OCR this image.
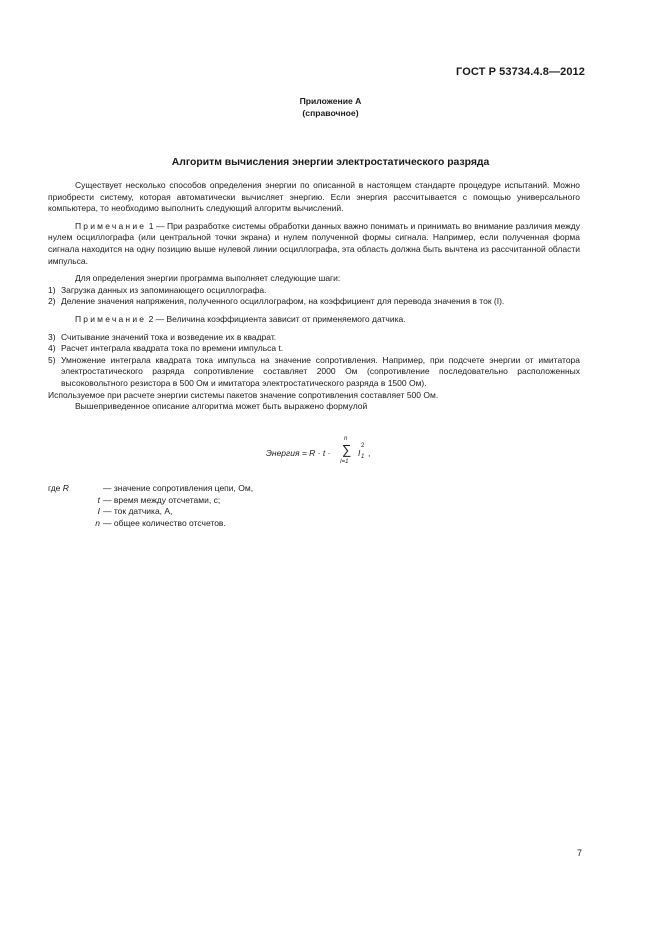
ГОСТ Р 53734.4.8—2012
Приложение А
(справочное)
Алгоритм вычисления энергии электростатического разряда

Существует несколько способов определения энергии по описанной в настоящем стандарте процедуре испытаний. Можно приобрести систему, которая автоматически вычисляет энергию. Если энергия рассчитывается с помощью универсального компьютера, то необходимо выполнить следующий алгоритм вычислений.

Примечание 1 — При разработке системы обработки данных важно понимать и принимать во внимание различия между нулем осциллографа (или центральной точки экрана) и нулем полученной формы сигнала. Например, если полученная форма сигнала находится на одну позицию выше нулевой линии осциллографа, эта область должна быть вычтена из рассчитанной области импульса.

Для определения энергии программа выполняет следующие шаги:

1) Загрузка данных из запоминающего осциллографа.
2) Деление значения напряжения, полученного осциллографом, на коэффициент для перевода значения в ток (I).

Примечание 2 — Величина коэффициента зависит от применяемого датчика.

3) Считывание значений тока и возведение их в квадрат.
4) Расчет интеграла квадрата тока по времени импульса t.
5) Умножение интеграла квадрата тока импульса на значение сопротивления. Например, при подсчете энергии от имитатора электростатического разряда сопротивление составляет 2000 Ом (сопротивление последовательно расположенных высоковольтного резистора в 500 Ом и имитатора электростатического разряда в 1500 Ом).

Используемое при расчете энергии системы пакетов значение сопротивления составляет 500 Ом.

Вышеприведенное описание алгоритма может быть выражено формулой

Энергия = R · t ·
n
∑
I=1
I
2
1 ,
где R	— значение сопротивления цепи, Ом,
t — время между отсчетами, с;
I — ток датчика, А,
n — общее количество отсчетов.
7
